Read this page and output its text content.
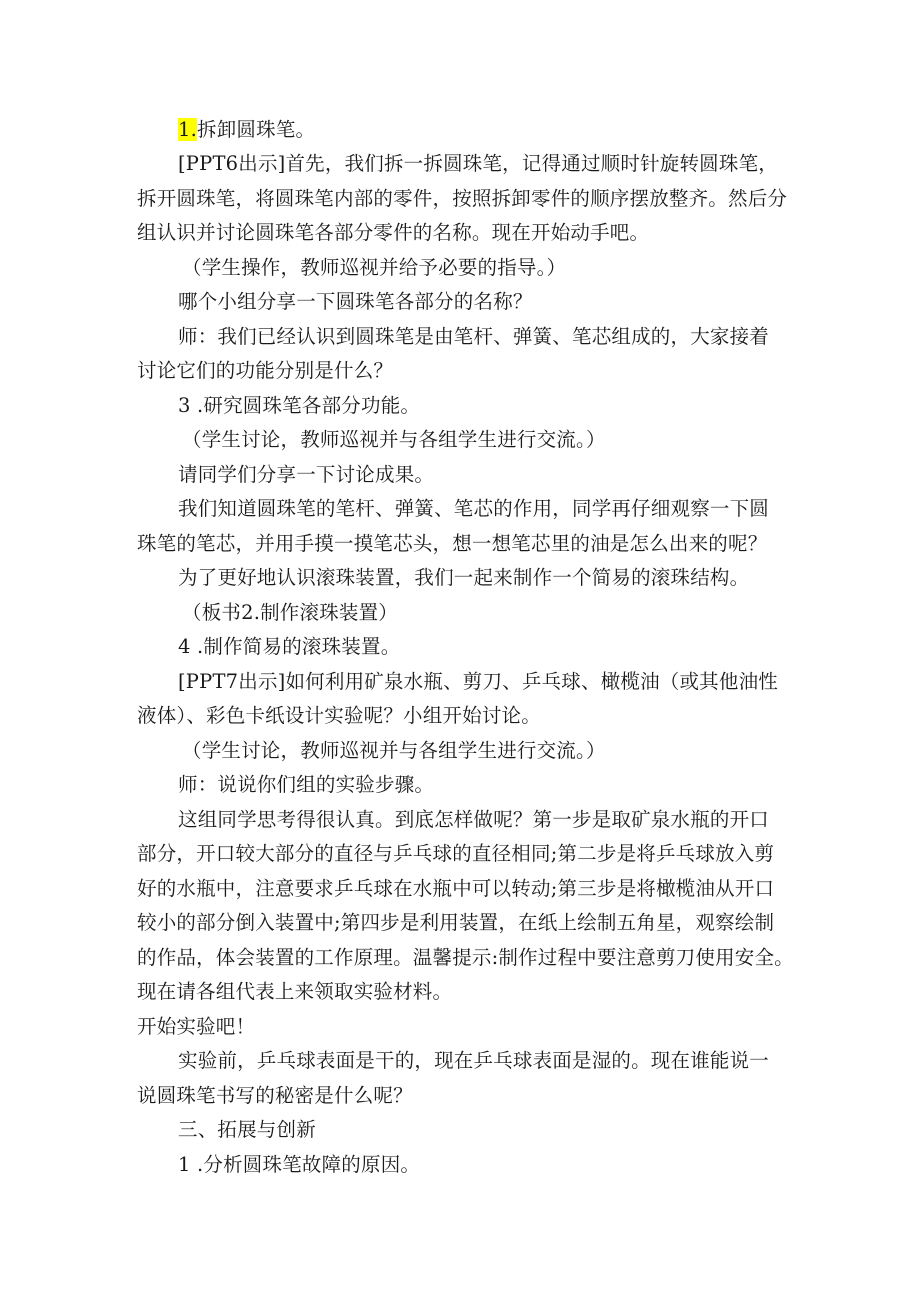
1.拆卸圆珠笔。
[PPT6出示]首先，我们拆一拆圆珠笔，记得通过顺时针旋转圆珠笔，
拆开圆珠笔，将圆珠笔内部的零件，按照拆卸零件的顺序摆放整齐。然后分
组认识并讨论圆珠笔各部分零件的名称。现在开始动手吧。
（学生操作，教师巡视并给予必要的指导。）
哪个小组分享一下圆珠笔各部分的名称？
师：我们已经认识到圆珠笔是由笔杆、弹簧、笔芯组成的，大家接着
讨论它们的功能分别是什么？
3 .研究圆珠笔各部分功能。
（学生讨论，教师巡视并与各组学生进行交流。）
请同学们分享一下讨论成果。
我们知道圆珠笔的笔杆、弹簧、笔芯的作用，同学再仔细观察一下圆
珠笔的笔芯，并用手摸一摸笔芯头，想一想笔芯里的油是怎么出来的呢？
为了更好地认识滚珠装置，我们一起来制作一个简易的滚珠结构。
（板书2.制作滚珠装置）
4 .制作简易的滚珠装置。
[PPT7出示]如何利用矿泉水瓶、剪刀、乒乓球、橄榄油（或其他油性
液体）、彩色卡纸设计实验呢？小组开始讨论。
（学生讨论，教师巡视并与各组学生进行交流。）
师：说说你们组的实验步骤。
这组同学思考得很认真。到底怎样做呢？第一步是取矿泉水瓶的开口
部分，开口较大部分的直径与乒乓球的直径相同;第二步是将乒乓球放入剪
好的水瓶中，注意要求乒乓球在水瓶中可以转动;第三步是将橄榄油从开口
较小的部分倒入装置中;第四步是利用装置，在纸上绘制五角星，观察绘制
的作品，体会装置的工作原理。温馨提示:制作过程中要注意剪刀使用安全。
现在请各组代表上来领取实验材料。
开始实验吧！
实验前，乒乓球表面是干的，现在乒乓球表面是湿的。现在谁能说一
说圆珠笔书写的秘密是什么呢？
三、拓展与创新
1 .分析圆珠笔故障的原因。
